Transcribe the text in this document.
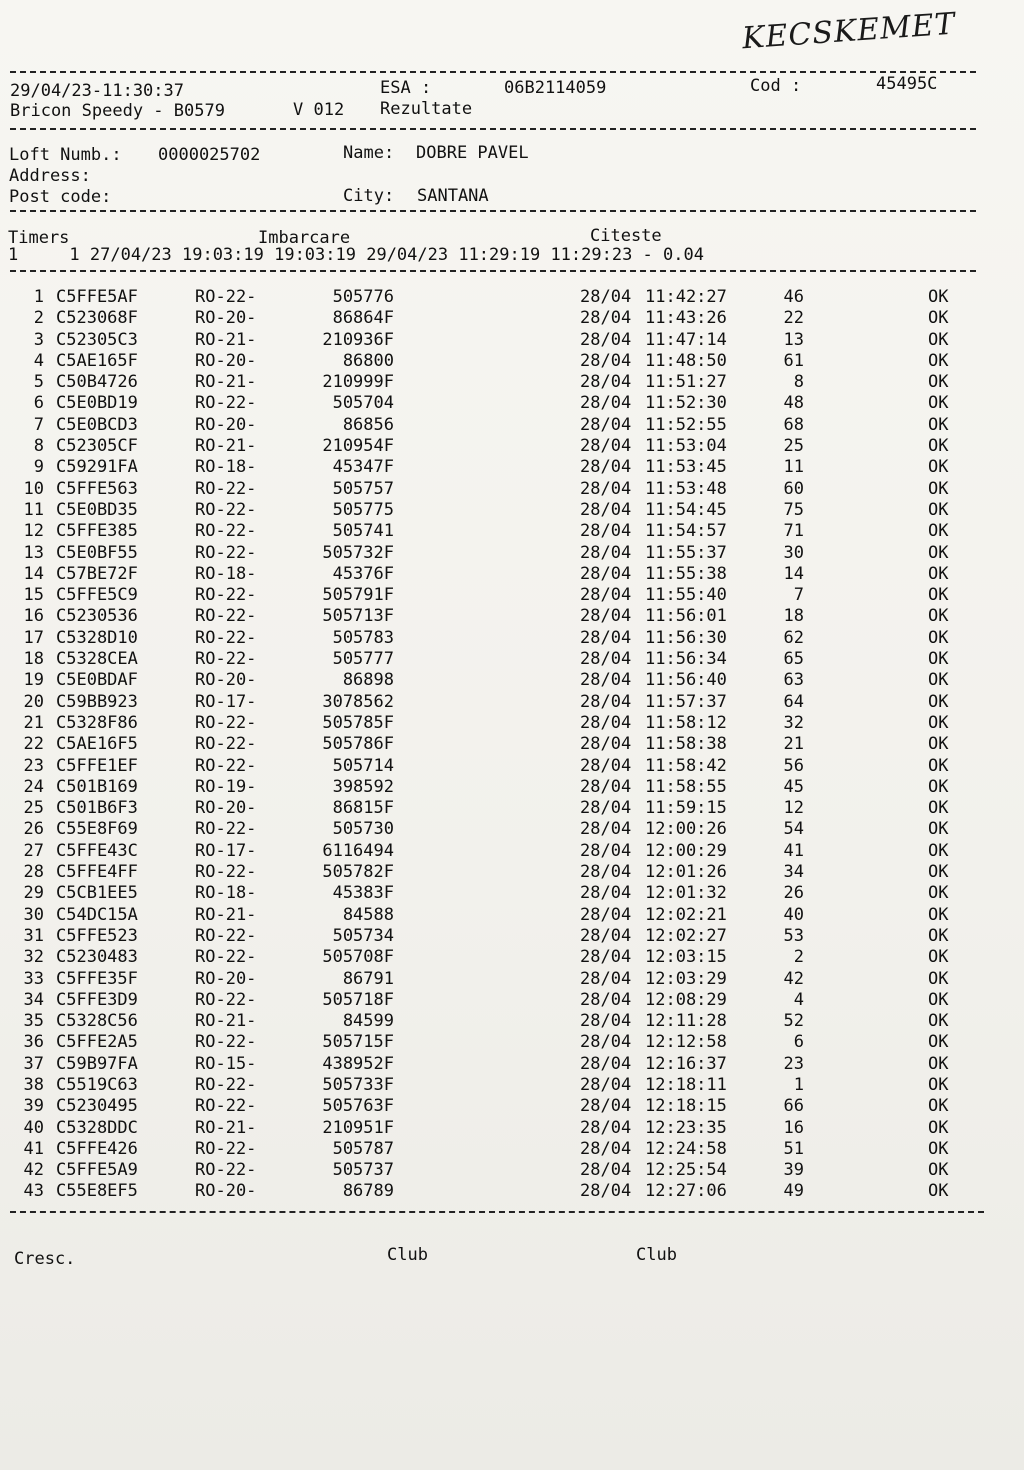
KECSKEMET
29/04/23-11:30:37	ESA :	06B2114059	Cod :	45495C
Bricon Speedy - B0579	V 012 Rezultate
Loft Numb.: 0000025702	Name: DOBRE PAVEL
Address:
Post code:	City: SANTANA
Timers	Imbarcare	Citeste
1     1 27/04/23 19:03:19 19:03:19 29/04/23 11:29:19 11:29:23 - 0.04
1 C5FFE5AF	RO-22-	505776	28/04 11:42:27	46	OK
2 C523068F	RO-20-	86864F	28/04 11:43:26	22	OK
3 C52305C3	RO-21-	210936F	28/04 11:47:14	13	OK
4 C5AE165F	RO-20-	86800	28/04 11:48:50	61	OK
5 C50B4726	RO-21-	210999F	28/04 11:51:27	8	OK
6 C5E0BD19	RO-22-	505704	28/04 11:52:30	48	OK
7 C5E0BCD3	RO-20-	86856	28/04 11:52:55	68	OK
8 C52305CF	RO-21-	210954F	28/04 11:53:04	25	OK
9 C59291FA	RO-18-	45347F	28/04 11:53:45	11	OK
10 C5FFE563	RO-22-	505757	28/04 11:53:48	60	OK
11 C5E0BD35	RO-22-	505775	28/04 11:54:45	75	OK
12 C5FFE385	RO-22-	505741	28/04 11:54:57	71	OK
13 C5E0BF55	RO-22-	505732F	28/04 11:55:37	30	OK
14 C57BE72F	RO-18-	45376F	28/04 11:55:38	14	OK
15 C5FFE5C9	RO-22-	505791F	28/04 11:55:40	7	OK
16 C5230536	RO-22-	505713F	28/04 11:56:01	18	OK
17 C5328D10	RO-22-	505783	28/04 11:56:30	62	OK
18 C5328CEA	RO-22-	505777	28/04 11:56:34	65	OK
19 C5E0BDAF	RO-20-	86898	28/04 11:56:40	63	OK
20 C59BB923	RO-17-	3078562	28/04 11:57:37	64	OK
21 C5328F86	RO-22-	505785F	28/04 11:58:12	32	OK
22 C5AE16F5	RO-22-	505786F	28/04 11:58:38	21	OK
23 C5FFE1EF	RO-22-	505714	28/04 11:58:42	56	OK
24 C501B169	RO-19-	398592	28/04 11:58:55	45	OK
25 C501B6F3	RO-20-	86815F	28/04 11:59:15	12	OK
26 C55E8F69	RO-22-	505730	28/04 12:00:26	54	OK
27 C5FFE43C	RO-17-	6116494	28/04 12:00:29	41	OK
28 C5FFE4FF	RO-22-	505782F	28/04 12:01:26	34	OK
29 C5CB1EE5	RO-18-	45383F	28/04 12:01:32	26	OK
30 C54DC15A	RO-21-	84588	28/04 12:02:21	40	OK
31 C5FFE523	RO-22-	505734	28/04 12:02:27	53	OK
32 C5230483	RO-22-	505708F	28/04 12:03:15	2	OK
33 C5FFE35F	RO-20-	86791	28/04 12:03:29	42	OK
34 C5FFE3D9	RO-22-	505718F	28/04 12:08:29	4	OK
35 C5328C56	RO-21-	84599	28/04 12:11:28	52	OK
36 C5FFE2A5	RO-22-	505715F	28/04 12:12:58	6	OK
37 C59B97FA	RO-15-	438952F	28/04 12:16:37	23	OK
38 C5519C63	RO-22-	505733F	28/04 12:18:11	1	OK
39 C5230495	RO-22-	505763F	28/04 12:18:15	66	OK
40 C5328DDC	RO-21-	210951F	28/04 12:23:35	16	OK
41 C5FFE426	RO-22-	505787	28/04 12:24:58	51	OK
42 C5FFE5A9	RO-22-	505737	28/04 12:25:54	39	OK
43 C55E8EF5	RO-20-	86789	28/04 12:27:06	49	OK
Cresc.	Club	Club
